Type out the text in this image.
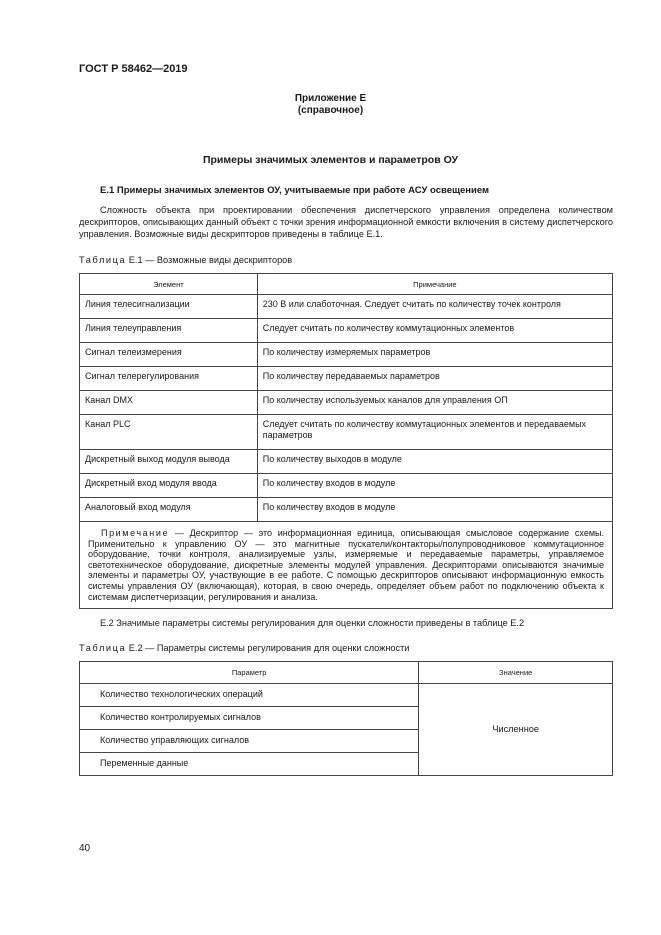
ГОСТ Р 58462—2019
Приложение Е
(справочное)
Примеры значимых элементов и параметров ОУ
Е.1 Примеры значимых элементов ОУ, учитываемые при работе АСУ освещением
Сложность объекта при проектировании обеспечения диспетчерского управления определена количеством дескрипторов, описывающих данный объект с точки зрения информационной емкости включения в систему диспетчерского управления. Возможные виды дескрипторов приведены в таблице Е.1.
Таблица Е.1 — Возможные виды дескрипторов
Элемент	Примечание
Линия телесигнализации	230 В или слаботочная. Следует считать по количеству точек контроля
Линия телеуправления	Следует считать по количеству коммутационных элементов
Сигнал телеизмерения	По количеству измеряемых параметров
Сигнал телерегулирования	По количеству передаваемых параметров
Канал DMX	По количеству используемых каналов для управления ОП
Канал PLC	Следует считать по количеству коммутационных элементов и передаваемых параметров
Дискретный выход модуля вывода	По количеству выходов в модуле
Дискретный вход модуля ввода	По количеству входов в модуле
Аналоговый вход модуля	По количеству входов в модуле
Примечание — Дескриптор — это информационная единица, описывающая смысловое содержание схемы. Применительно к управлению ОУ — это магнитные пускатели/контакторы/полупроводниковое коммутационное оборудование, точки контроля, анализируемые узлы, измеряемые и передаваемые параметры, управляемое светотехническое оборудование, дискретные элементы модулей управления. Дескрипторами описываются значимые элементы и параметры ОУ, участвующие в ее работе. С помощью дескрипторов описывают информационную емкость системы управления ОУ (включающая), которая, в свою очередь, определяет объем работ по подключению объекта к системам диспетчеризации, регулирования и анализа.	
Е.2 Значимые параметры системы регулирования для оценки сложности приведены в таблице Е.2
Таблица Е.2 — Параметры системы регулирования для оценки сложности
Параметр	Значение
Количество технологических операций	Численное
Количество контролируемых сигналов	
Количество управляющих сигналов	
Переменные данные	
40
